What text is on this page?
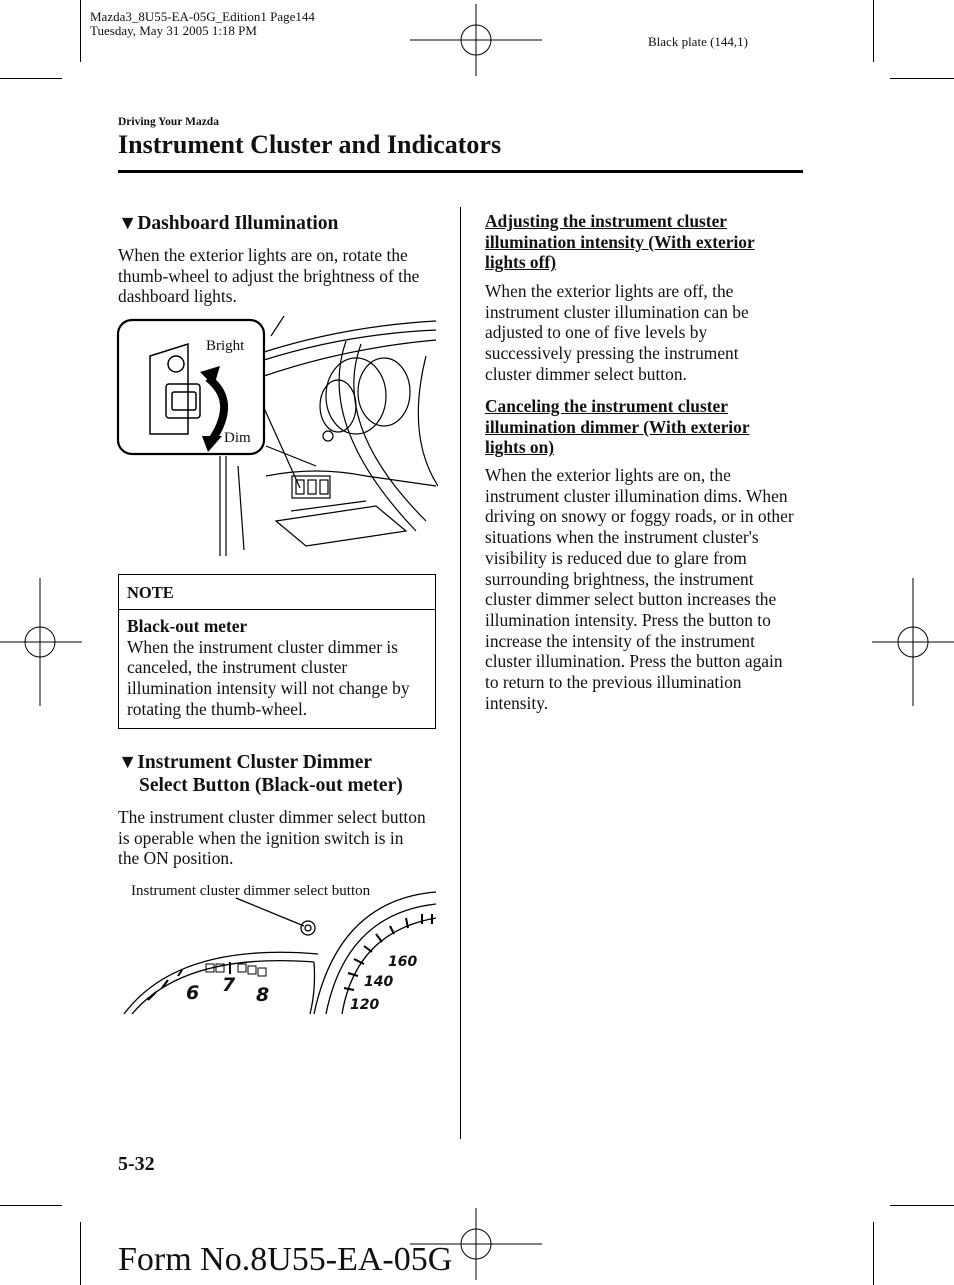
Mazda3_8U55-EA-05G_Edition1 Page144
Tuesday, May 31 2005 1:18 PM
Black plate (144,1)
Driving Your Mazda
Instrument Cluster and Indicators
▼Dashboard Illumination
When the exterior lights are on, rotate the thumb-wheel to adjust the brightness of the dashboard lights.
Bright
Dim
NOTE
Black-out meter
When the instrument cluster dimmer is canceled, the instrument cluster illumination intensity will not change by rotating the thumb-wheel.
▼Instrument Cluster Dimmer
Select Button (Black-out meter)
The instrument cluster dimmer select button is operable when the ignition switch is in the ON position.
Instrument cluster dimmer select button
6 7 8
160
140
120
Adjusting the instrument cluster illumination intensity (With exterior lights off)
When the exterior lights are off, the instrument cluster illumination can be adjusted to one of five levels by successively pressing the instrument cluster dimmer select button.
Canceling the instrument cluster illumination dimmer (With exterior lights on)
When the exterior lights are on, the instrument cluster illumination dims. When driving on snowy or foggy roads, or in other situations when the instrument cluster's visibility is reduced due to glare from surrounding brightness, the instrument cluster dimmer select button increases the illumination intensity. Press the button to increase the intensity of the instrument cluster illumination. Press the button again to return to the previous illumination intensity.
5-32
Form No.8U55-EA-05G
